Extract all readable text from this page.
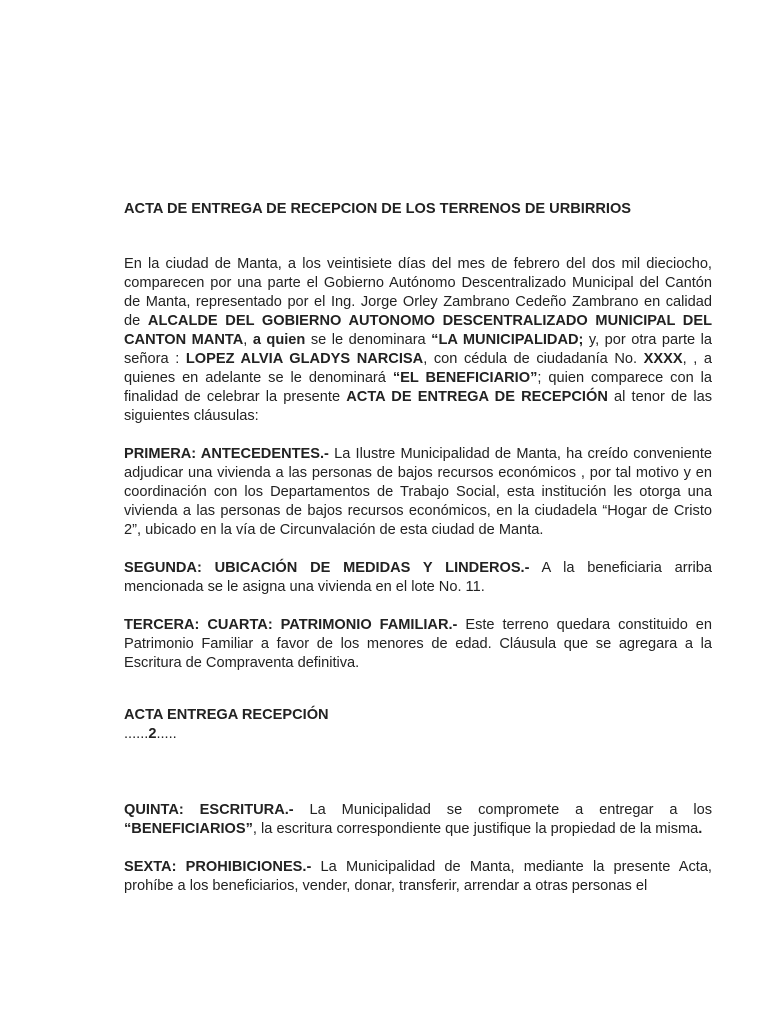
ACTA DE ENTREGA DE RECEPCION DE LOS TERRENOS DE URBIRRIOS

En la ciudad de Manta, a los veintisiete días del mes de febrero del dos mil dieciocho, comparecen por una parte el Gobierno Autónomo Descentralizado Municipal del Cantón de Manta, representado por el Ing. Jorge Orley Zambrano Cedeño Zambrano en calidad de ALCALDE DEL GOBIERNO AUTONOMO DESCENTRALIZADO MUNICIPAL DEL CANTON MANTA, a quien se le denominara “LA MUNICIPALIDAD; y, por otra parte la señora : LOPEZ ALVIA GLADYS NARCISA, con cédula de ciudadanía No. XXXX, , a quienes en adelante se le denominará “EL BENEFICIARIO”; quien comparece con la finalidad de celebrar la presente ACTA DE ENTREGA DE RECEPCIÓN al tenor de las siguientes cláusulas:

PRIMERA: ANTECEDENTES.- La Ilustre Municipalidad de Manta, ha creído conveniente adjudicar una vivienda a las personas de bajos recursos económicos , por tal motivo y en coordinación con los Departamentos de Trabajo Social, esta institución les otorga una vivienda a las personas de bajos recursos económicos, en la ciudadela “Hogar de Cristo 2”, ubicado en la vía de Circunvalación de esta ciudad de Manta.

SEGUNDA: UBICACIÓN DE MEDIDAS Y LINDEROS.- A la beneficiaria arriba mencionada se le asigna una vivienda en el lote No. 11.

TERCERA: CUARTA: PATRIMONIO FAMILIAR.- Este terreno quedara constituido en Patrimonio Familiar a favor de los menores de edad. Cláusula que se agregara a la Escritura de Compraventa definitiva.

ACTA ENTREGA RECEPCIÓN

......2.....

QUINTA: ESCRITURA.- La Municipalidad se compromete a entregar a los “BENEFICIARIOS”, la escritura correspondiente que justifique la propiedad de la misma.

SEXTA: PROHIBICIONES.- La Municipalidad de Manta, mediante la presente Acta, prohíbe a los beneficiarios, vender, donar, transferir, arrendar a otras personas el
